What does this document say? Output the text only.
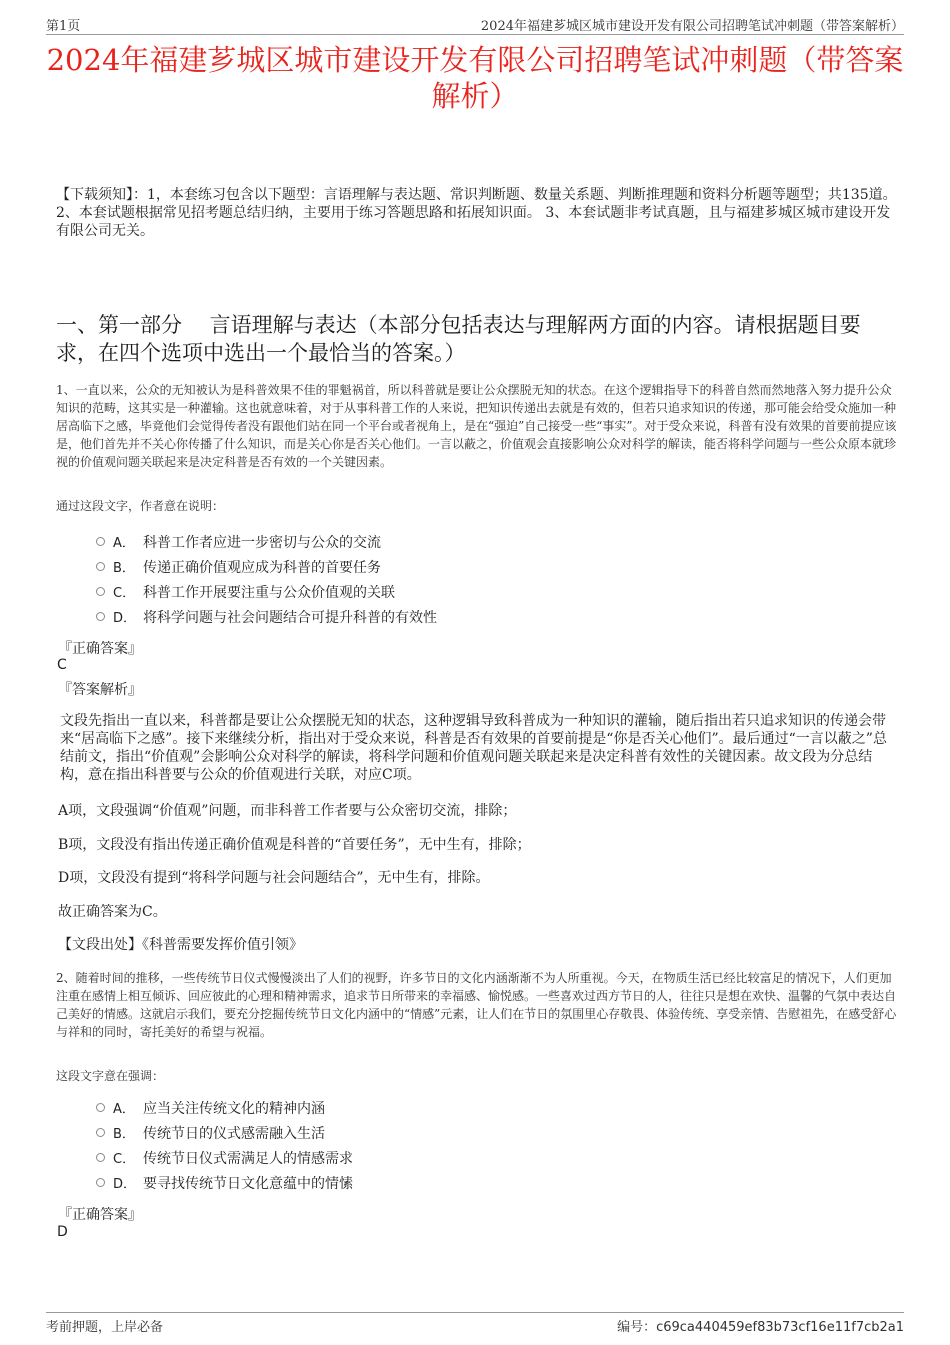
第1页	2024年福建芗城区城市建设开发有限公司招聘笔试冲刺题（带答案解析）
2024年福建芗城区城市建设开发有限公司招聘笔试冲刺题（带答案解析）
【下载须知】：1，本套练习包含以下题型：言语理解与表达题、常识判断题、数量关系题、判断推理题和资料分析题等题型；共135道。 2、本套试题根据常见招考题总结归纳，主要用于练习答题思路和拓展知识面。 3、本套试题非考试真题，且与福建芗城区城市建设开发有限公司无关。
一、第一部分　 言语理解与表达（本部分包括表达与理解两方面的内容。请根据题目要求，在四个选项中选出一个最恰当的答案。）
1、一直以来，公众的无知被认为是科普效果不佳的罪魁祸首，所以科普就是要让公众摆脱无知的状态。在这个逻辑指导下的科普自然而然地落入努力提升公众知识的范畴，这其实是一种灌输。这也就意味着，对于从事科普工作的人来说，把知识传递出去就是有效的，但若只追求知识的传递，那可能会给受众施加一种居高临下之感，毕竟他们会觉得传者没有跟他们站在同一个平台或者视角上，是在“强迫”自己接受一些“事实”。对于受众来说，科普有没有效果的首要前提应该是，他们首先并不关心你传播了什么知识，而是关心你是否关心他们。一言以蔽之，价值观会直接影响公众对科学的解读，能否将科学问题与一些公众原本就珍视的价值观问题关联起来是决定科普是否有效的一个关键因素。
通过这段文字，作者意在说明：
A． 科普工作者应进一步密切与公众的交流
B． 传递正确价值观应成为科普的首要任务
C． 科普工作开展要注重与公众价值观的关联
D． 将科学问题与社会问题结合可提升科普的有效性
『正确答案』
C
『答案解析』
文段先指出一直以来，科普都是要让公众摆脱无知的状态，这种逻辑导致科普成为一种知识的灌输，随后指出若只追求知识的传递会带来“居高临下之感”。接下来继续分析，指出对于受众来说，科普是否有效果的首要前提是“你是否关心他们”。最后通过“一言以蔽之”总结前文，指出“价值观”会影响公众对科学的解读，将科学问题和价值观问题关联起来是决定科普有效性的关键因素。故文段为分总结构，意在指出科普要与公众的价值观进行关联，对应C项。
A项，文段强调“价值观”问题，而非科普工作者要与公众密切交流，排除；
B项，文段没有指出传递正确价值观是科普的“首要任务”，无中生有，排除；
D项，文段没有提到“将科学问题与社会问题结合”，无中生有，排除。
故正确答案为C。
【文段出处】《科普需要发挥价值引领》
2、随着时间的推移，一些传统节日仪式慢慢淡出了人们的视野，许多节日的文化内涵渐渐不为人所重视。今天，在物质生活已经比较富足的情况下，人们更加注重在感情上相互倾诉、回应彼此的心理和精神需求，追求节日所带来的幸福感、愉悦感。一些喜欢过西方节日的人，往往只是想在欢快、温馨的气氛中表达自己美好的情感。这就启示我们，要充分挖掘传统节日文化内涵中的“情感”元素，让人们在节日的氛围里心存敬畏、体验传统、享受亲情、告慰祖先，在感受舒心与祥和的同时，寄托美好的希望与祝福。
这段文字意在强调：
A． 应当关注传统文化的精神内涵
B． 传统节日的仪式感需融入生活
C． 传统节日仪式需满足人的情感需求
D． 要寻找传统节日文化意蕴中的情愫
『正确答案』
D
考前押题，上岸必备	编号：c69ca440459ef83b73cf16e11f7cb2a1
